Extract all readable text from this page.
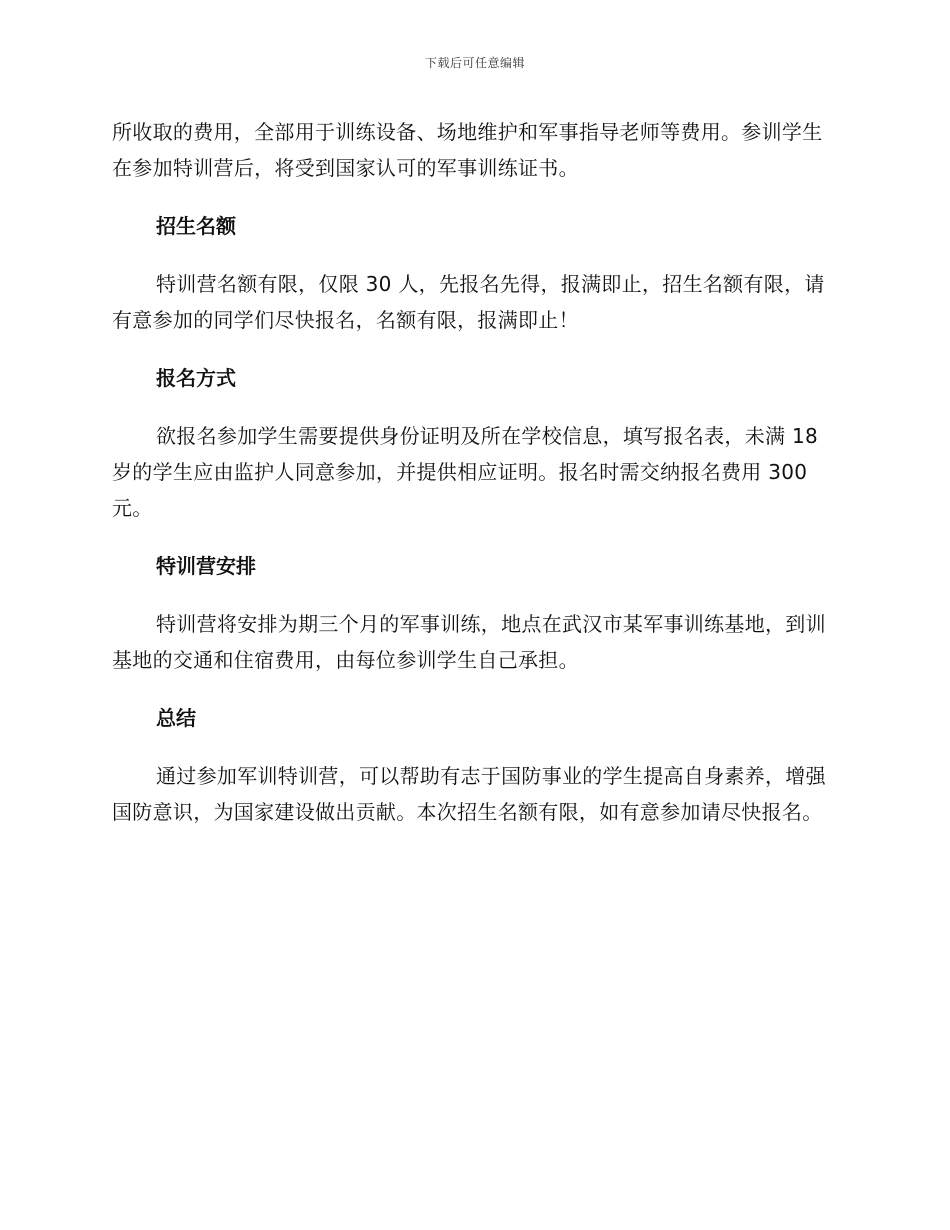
下载后可任意编辑

所收取的费用，全部用于训练设备、场地维护和军事指导老师等费用。参训学生在参加特训营后，将受到国家认可的军事训练证书。

招生名额

特训营名额有限，仅限 30 人，先报名先得，报满即止，招生名额有限，请有意参加的同学们尽快报名，名额有限，报满即止！

报名方式

欲报名参加学生需要提供身份证明及所在学校信息，填写报名表，未满 18 岁的学生应由监护人同意参加，并提供相应证明。报名时需交纳报名费用 300 元。

特训营安排

特训营将安排为期三个月的军事训练，地点在武汉市某军事训练基地，到训基地的交通和住宿费用，由每位参训学生自己承担。

总结

通过参加军训特训营，可以帮助有志于国防事业的学生提高自身素养，增强国防意识，为国家建设做出贡献。本次招生名额有限，如有意参加请尽快报名。
